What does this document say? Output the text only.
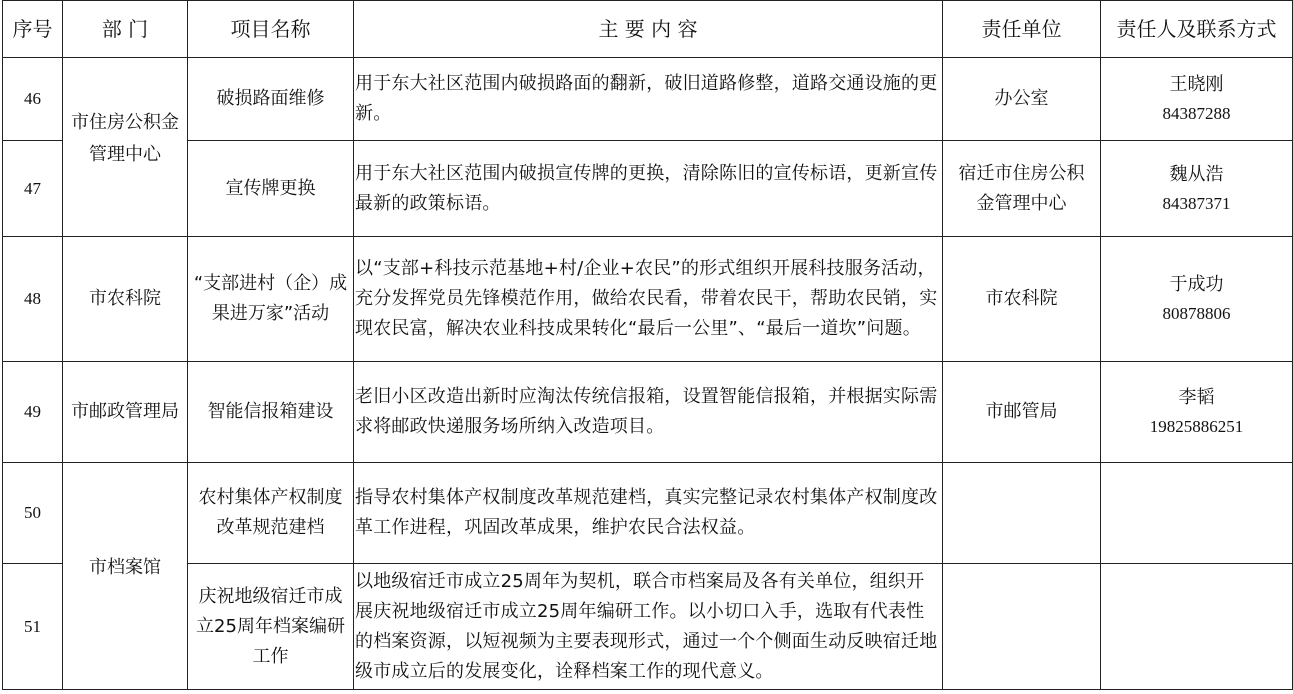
序号	部 门	项目名称	主 要 内 容	责任单位	责任人及联系方式
46	市住房公积金管理中心	破损路面维修	用于东大社区范围内破损路面的翻新，破旧道路修整，道路交通设施的更新。	办公室	王晓刚
84387288

47		宣传牌更换	用于东大社区范围内破损宣传牌的更换，清除陈旧的宣传标语，更新宣传最新的政策标语。	宿迁市住房公积金管理中心	魏从浩
84387371

48	市农科院	“支部进村（企）成果进万家”活动	以“支部+科技示范基地+村/企业+农民”的形式组织开展科技服务活动，充分发挥党员先锋模范作用，做给农民看，带着农民干，帮助农民销，实现农民富，解决农业科技成果转化“最后一公里”、“最后一道坎”问题。	市农科院	于成功
80878806

49	市邮政管理局	智能信报箱建设	老旧小区改造出新时应淘汰传统信报箱，设置智能信报箱，并根据实际需求将邮政快递服务场所纳入改造项目。	市邮管局	李韬
19825886251

50	市档案馆	农村集体产权制度改革规范建档	指导农村集体产权制度改革规范建档，真实完整记录农村集体产权制度改革工作进程，巩固改革成果，维护农民合法权益。		

51		庆祝地级宿迁市成立25周年档案编研工作	以地级宿迁市成立25周年为契机，联合市档案局及各有关单位，组织开展庆祝地级宿迁市成立25周年编研工作。以小切口入手，选取有代表性的档案资源，以短视频为主要表现形式，通过一个个侧面生动反映宿迁地级市成立后的发展变化，诠释档案工作的现代意义。		
